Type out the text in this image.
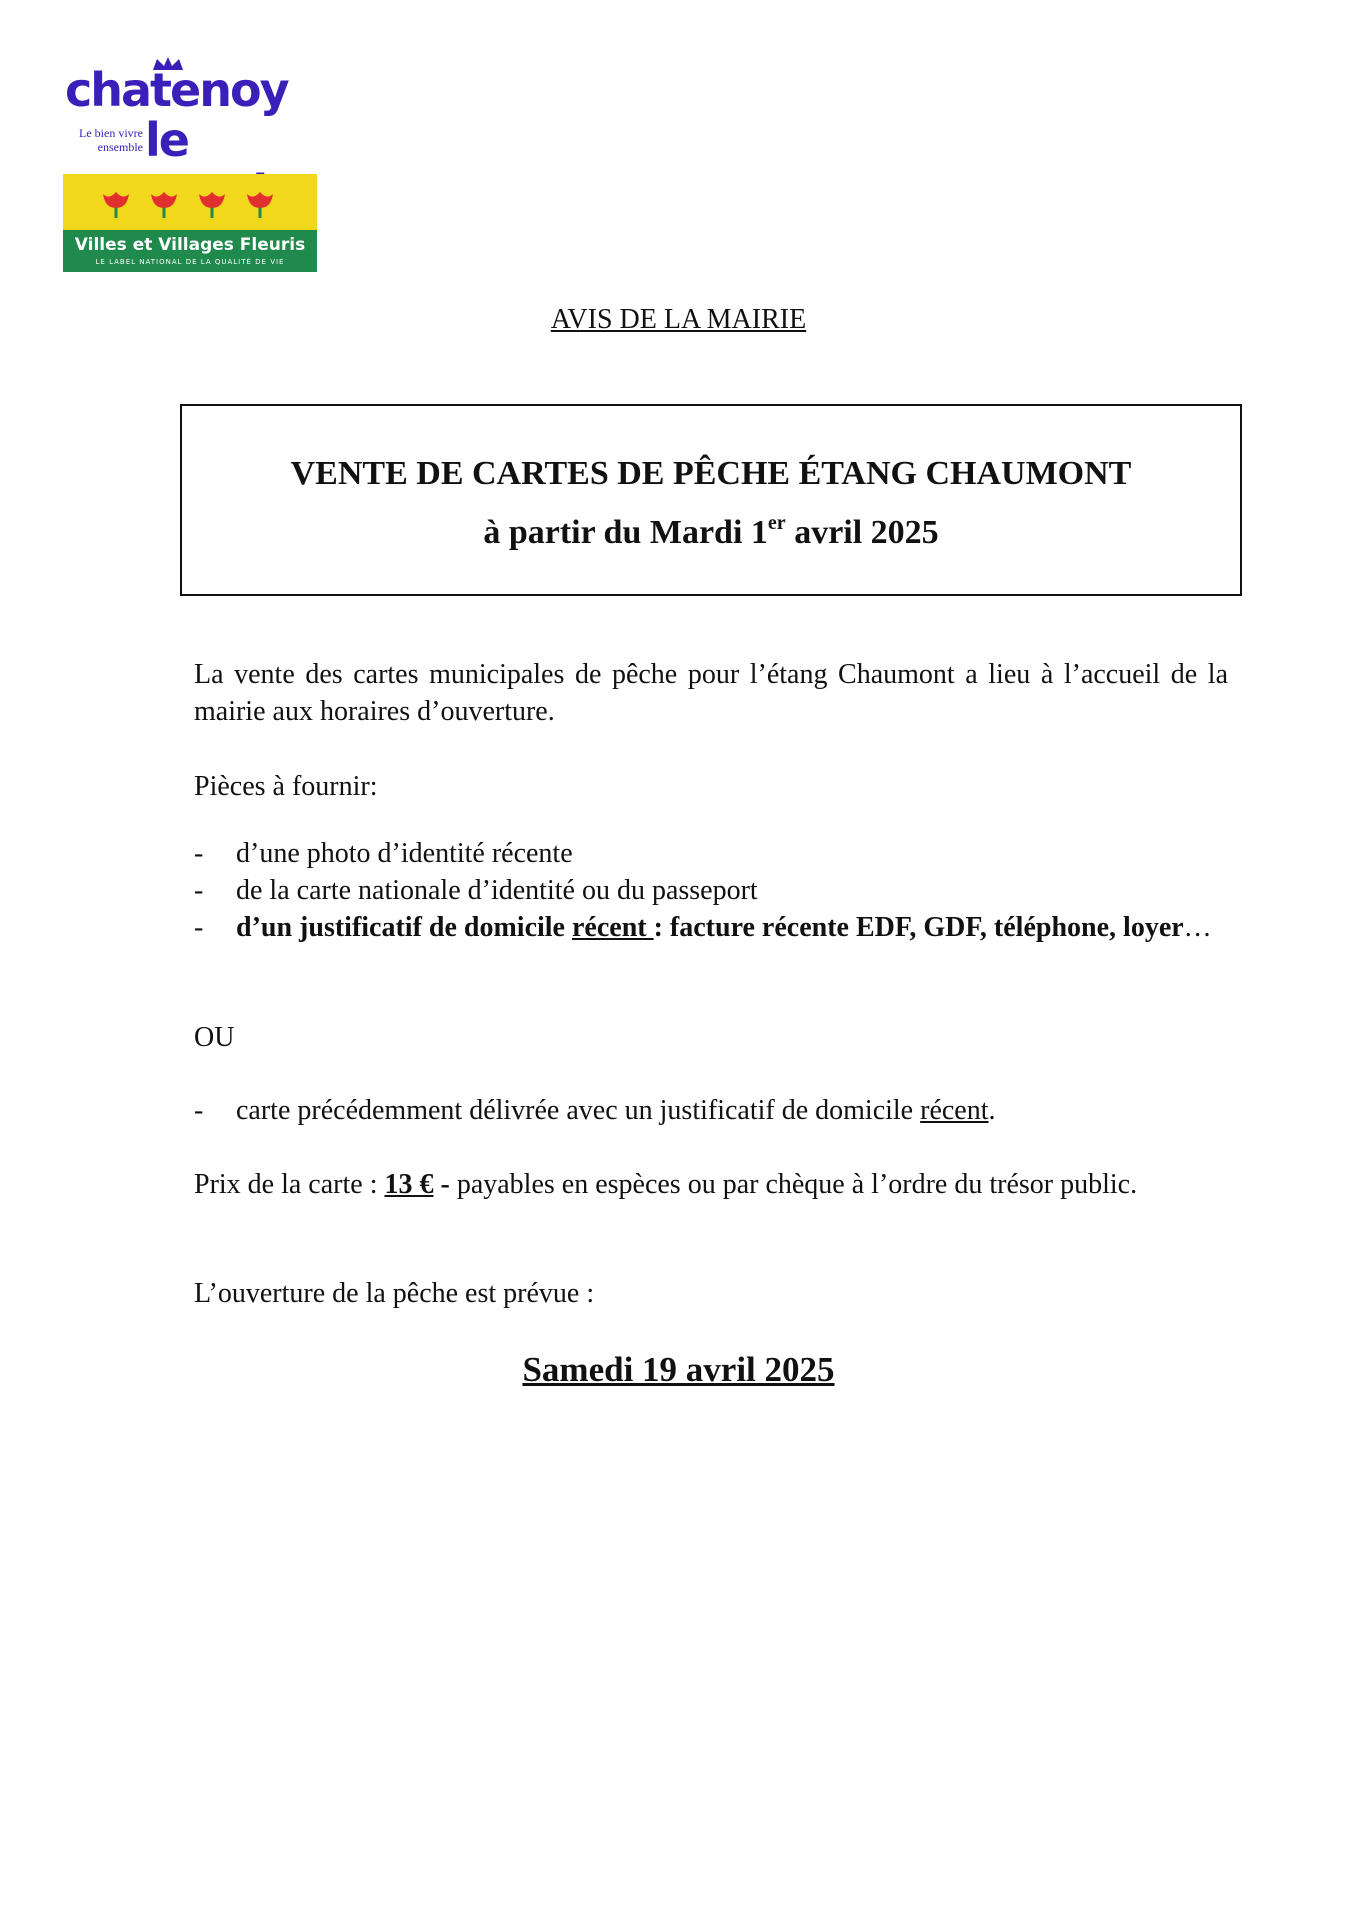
chatenoy
le
Le bien vivre
ensemble
Villes et Villages Fleuris
LE LABEL NATIONAL DE LA QUALITÉ DE VIE
AVIS DE LA MAIRIE
VENTE DE CARTES DE PÊCHE ÉTANG CHAUMONT
à partir du Mardi 1er avril 2025
La vente des cartes municipales de pêche pour l’étang Chaumont a lieu à l’accueil de la mairie aux horaires d’ouverture.
Pièces à fournir:
- d’une photo d’identité récente
- de la carte nationale d’identité ou du passeport
- d’un justificatif de domicile récent : facture récente EDF, GDF, téléphone, loyer…
OU
- carte précédemment délivrée avec un justificatif de domicile récent.
Prix de la carte : 13 € - payables en espèces ou par chèque à l’ordre du trésor public.
L’ouverture de la pêche est prévue :
Samedi 19 avril 2025
